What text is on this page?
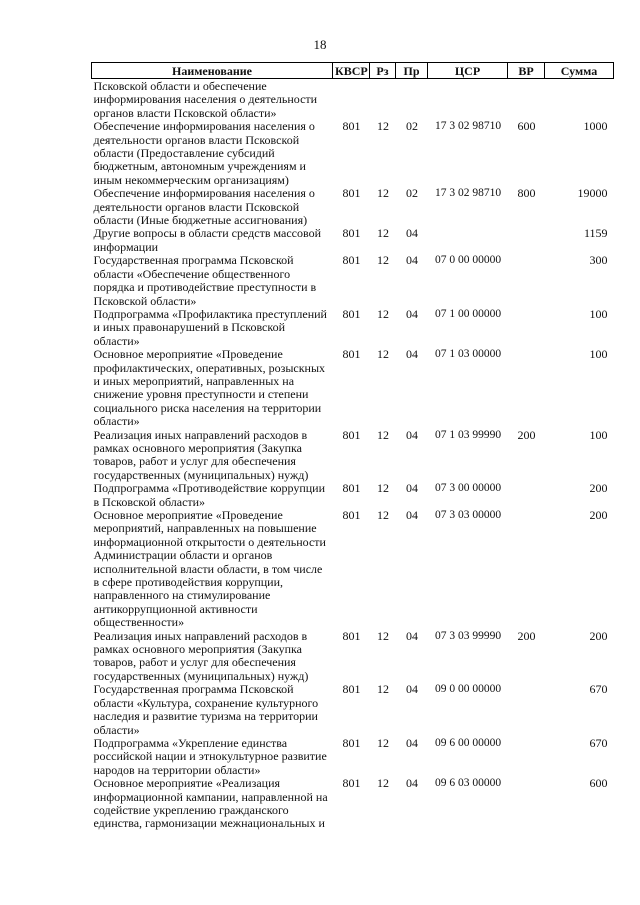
18
Наименование	КВСР	Рз	Пр	ЦСР	ВР	Сумма
Псковской области и обеспечение информирования населения о деятельности органов власти Псковской области»						
Обеспечение информирования населения о деятельности органов власти Псковской области (Предоставление субсидий бюджетным, автономным учреждениям и иным некоммерческим организациям)	801	12	02	17 3 02 98710	600	1000
Обеспечение информирования населения о деятельности органов власти Псковской области (Иные бюджетные ассигнования)	801	12	02	17 3 02 98710	800	19000
Другие вопросы в области средств массовой информации	801	12	04			1159
Государственная программа Псковской области «Обеспечение общественного порядка и противодействие преступности в Псковской области»	801	12	04	07 0 00 00000		300
Подпрограмма «Профилактика преступлений и иных правонарушений в Псковской области»	801	12	04	07 1 00 00000		100
Основное мероприятие «Проведение профилактических, оперативных, розыскных и иных мероприятий, направленных на снижение уровня преступности и степени социального риска населения на территории области»	801	12	04	07 1 03 00000		100
Реализация иных направлений расходов в рамках основного мероприятия (Закупка товаров, работ и услуг для обеспечения государственных (муниципальных) нужд)	801	12	04	07 1 03 99990	200	100
Подпрограмма «Противодействие коррупции в Псковской области»	801	12	04	07 3 00 00000		200
Основное мероприятие «Проведение мероприятий, направленных на повышение информационной открытости о деятельности Администрации области и органов исполнительной власти области, в том числе в сфере противодействия коррупции, направленного на стимулирование антикоррупционной активности общественности»	801	12	04	07 3 03 00000		200
Реализация иных направлений расходов в рамках основного мероприятия (Закупка товаров, работ и услуг для обеспечения государственных (муниципальных) нужд)	801	12	04	07 3 03 99990	200	200
Государственная программа Псковской области «Культура, сохранение культурного наследия и развитие туризма на территории области»	801	12	04	09 0 00 00000		670
Подпрограмма «Укрепление единства российской нации и этнокультурное развитие народов на территории области»	801	12	04	09 6 00 00000		670
Основное мероприятие «Реализация информационной кампании, направленной на содействие укреплению гражданского единства, гармонизации межнациональных и	801	12	04	09 6 03 00000		600
